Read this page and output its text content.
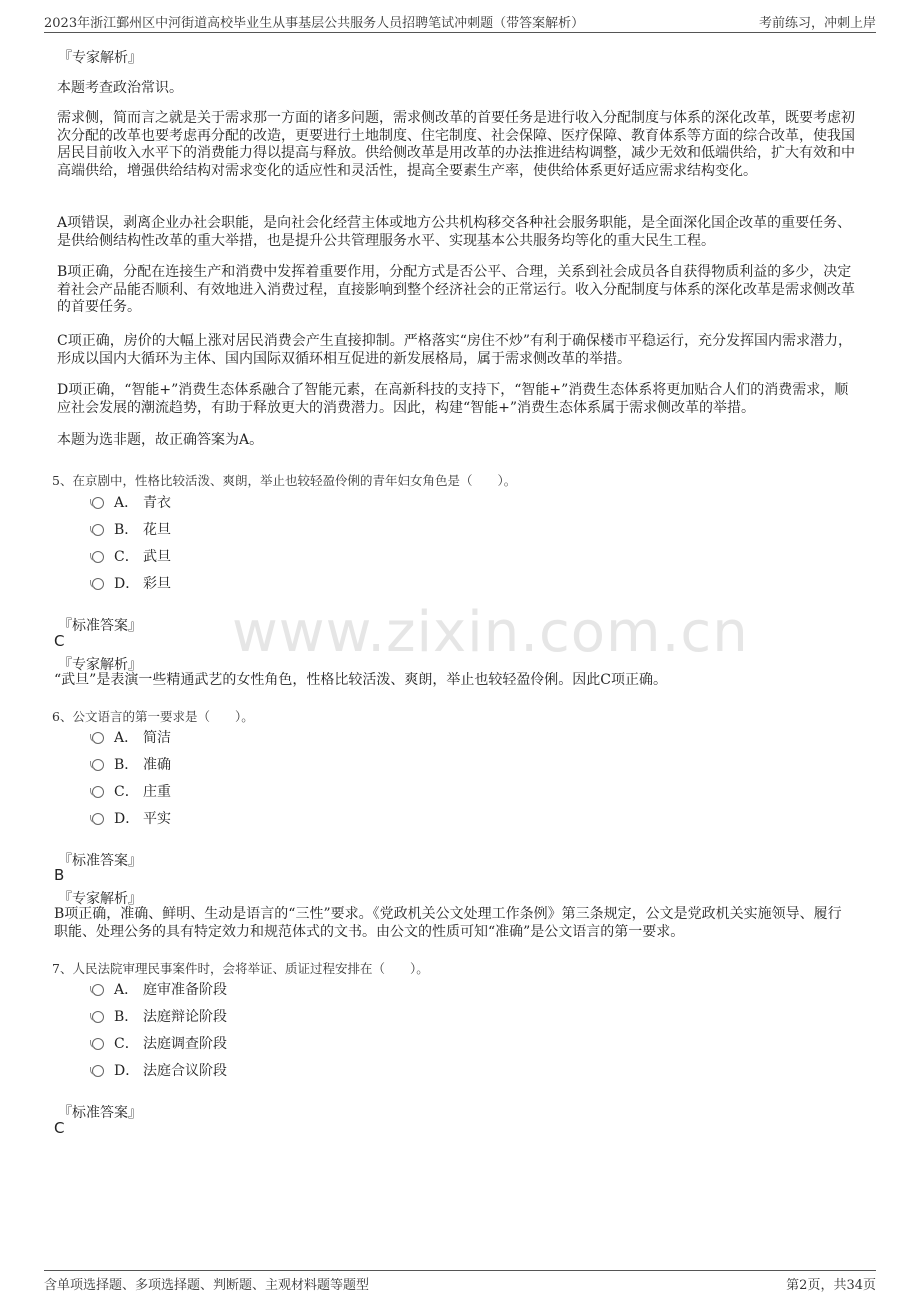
2023年浙江鄞州区中河街道高校毕业生从事基层公共服务人员招聘笔试冲刺题（带答案解析）	考前练习，冲刺上岸
www.zixin.com.cn
『专家解析』
本题考查政治常识。
需求侧，简而言之就是关于需求那一方面的诸多问题，需求侧改革的首要任务是进行收入分配制度与体系的深化改革，既要考虑初次分配的改革也要考虑再分配的改造，更要进行土地制度、住宅制度、社会保障、医疗保障、教育体系等方面的综合改革，使我国居民目前收入水平下的消费能力得以提高与释放。供给侧改革是用改革的办法推进结构调整，减少无效和低端供给，扩大有效和中高端供给，增强供给结构对需求变化的适应性和灵活性，提高全要素生产率，使供给体系更好适应需求结构变化。
A项错误，剥离企业办社会职能，是向社会化经营主体或地方公共机构移交各种社会服务职能，是全面深化国企改革的重要任务、是供给侧结构性改革的重大举措，也是提升公共管理服务水平、实现基本公共服务均等化的重大民生工程。
B项正确，分配在连接生产和消费中发挥着重要作用，分配方式是否公平、合理，关系到社会成员各自获得物质利益的多少，决定着社会产品能否顺利、有效地进入消费过程，直接影响到整个经济社会的正常运行。收入分配制度与体系的深化改革是需求侧改革的首要任务。
C项正确，房价的大幅上涨对居民消费会产生直接抑制。严格落实“房住不炒”有利于确保楼市平稳运行，充分发挥国内需求潜力，形成以国内大循环为主体、国内国际双循环相互促进的新发展格局，属于需求侧改革的举措。
D项正确，“智能+”消费生态体系融合了智能元素，在高新科技的支持下，“智能+”消费生态体系将更加贴合人们的消费需求，顺应社会发展的潮流趋势，有助于释放更大的消费潜力。因此，构建“智能+”消费生态体系属于需求侧改革的举措。
本题为选非题，故正确答案为A。
5、在京剧中，性格比较活泼、爽朗，举止也较轻盈伶俐的青年妇女角色是（　　）。
A． 青衣
B． 花旦
C． 武旦
D． 彩旦
『标准答案』
C
『专家解析』
“武旦”是表演一些精通武艺的女性角色，性格比较活泼、爽朗，举止也较轻盈伶俐。因此C项正确。
6、公文语言的第一要求是（　　）。
A． 简洁
B． 准确
C． 庄重
D． 平实
『标准答案』
B
『专家解析』
B项正确，准确、鲜明、生动是语言的“三性”要求。《党政机关公文处理工作条例》第三条规定，公文是党政机关实施领导、履行职能、处理公务的具有特定效力和规范体式的文书。由公文的性质可知“准确”是公文语言的第一要求。
7、人民法院审理民事案件时，会将举证、质证过程安排在（　　）。
A． 庭审准备阶段
B． 法庭辩论阶段
C． 法庭调查阶段
D． 法庭合议阶段
『标准答案』
C
含单项选择题、多项选择题、判断题、主观材料题等题型	第2页，共34页
